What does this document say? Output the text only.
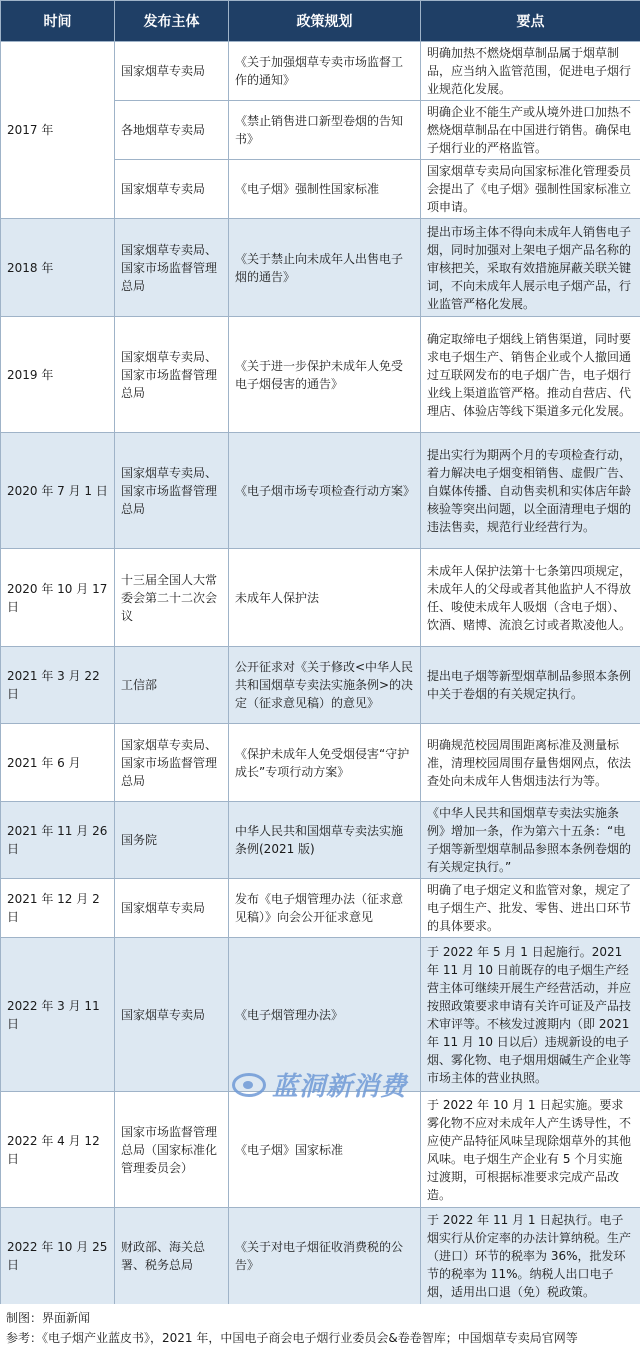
时间	发布主体	政策规划	要点
2017 年	国家烟草专卖局	《关于加强烟草专卖市场监督工作的通知》	明确加热不燃烧烟草制品属于烟草制品，应当纳入监管范围，促进电子烟行业规范化发展。
	各地烟草专卖局	《禁止销售进口新型卷烟的告知书》	明确企业不能生产或从境外进口加热不燃烧烟草制品在中国进行销售。确保电子烟行业的严格监管。
	国家烟草专卖局	《电子烟》强制性国家标准	国家烟草专卖局向国家标准化管理委员会提出了《电子烟》强制性国家标准立项申请。
2018 年	国家烟草专卖局、国家市场监督管理总局	《关于禁止向未成年人出售电子烟的通告》	提出市场主体不得向未成年人销售电子烟，同时加强对上架电子烟产品名称的审核把关，采取有效措施屏蔽关联关键词，不向未成年人展示电子烟产品，行业监管严格化发展。
2019 年	国家烟草专卖局、国家市场监督管理总局	《关于进一步保护未成年人免受电子烟侵害的通告》	确定取缔电子烟线上销售渠道，同时要求电子烟生产、销售企业或个人撤回通过互联网发布的电子烟广告，电子烟行业线上渠道监管严格。推动自营店、代理店、体验店等线下渠道多元化发展。
2020 年 7 月 1 日	国家烟草专卖局、国家市场监督管理总局	《电子烟市场专项检查行动方案》	提出实行为期两个月的专项检查行动，着力解决电子烟变相销售、虚假广告、自媒体传播、自动售卖机和实体店年龄核验等突出问题，以全面清理电子烟的违法售卖，规范行业经营行为。
2020 年 10 月 17 日	十三届全国人大常委会第二十二次会议	未成年人保护法	未成年人保护法第十七条第四项规定，未成年人的父母或者其他监护人不得放任、唆使未成年人吸烟（含电子烟）、饮酒、赌博、流浪乞讨或者欺凌他人。
2021 年 3 月 22 日	工信部	公开征求对《关于修改<中华人民共和国烟草专卖法实施条例>的决定（征求意见稿）的意见》	提出电子烟等新型烟草制品参照本条例中关于卷烟的有关规定执行。
2021 年 6 月	国家烟草专卖局、国家市场监督管理总局	《保护未成年人免受烟侵害“守护成长”专项行动方案》	明确规范校园周围距离标准及测量标准，清理校园周围存量售烟网点，依法查处向未成年人售烟违法行为等。
2021 年 11 月 26 日	国务院	中华人民共和国烟草专卖法实施条例(2021 版)	《中华人民共和国烟草专卖法实施条例》增加一条，作为第六十五条：“电子烟等新型烟草制品参照本条例卷烟的有关规定执行。”
2021 年 12 月 2 日	国家烟草专卖局	发布《电子烟管理办法（征求意见稿）》向会公开征求意见	明确了电子烟定义和监管对象，规定了电子烟生产、批发、零售、进出口环节的具体要求。
2022 年 3 月 11 日	国家烟草专卖局	《电子烟管理办法》	于 2022 年 5 月 1 日起施行。2021 年 11 月 10 日前既存的电子烟生产经营主体可继续开展生产经营活动，并应按照政策要求申请有关许可证及产品技术审评等。不核发过渡期内（即 2021 年 11 月 10 日以后）违规新设的电子烟、雾化物、电子烟用烟碱生产企业等市场主体的营业执照。
2022 年 4 月 12 日	国家市场监督管理总局（国家标准化管理委员会）	《电子烟》国家标准	于 2022 年 10 月 1 日起实施。要求雾化物不应对未成年人产生诱导性，不应使产品特征风味呈现除烟草外的其他风味。电子烟生产企业有 5 个月实施过渡期，可根据标准要求完成产品改造。
2022 年 10 月 25 日	财政部、海关总署、税务总局	《关于对电子烟征收消费税的公告》	于 2022 年 11 月 1 日起执行。电子烟实行从价定率的办法计算纳税。生产（进口）环节的税率为 36%，批发环节的税率为 11%。纳税人出口电子烟，适用出口退（免）税政策。
制图：界面新闻
参考：《电子烟产业蓝皮书》，2021 年，中国电子商会电子烟行业委员会&卷卷智库；中国烟草专卖局官网等
蓝洞新消费
